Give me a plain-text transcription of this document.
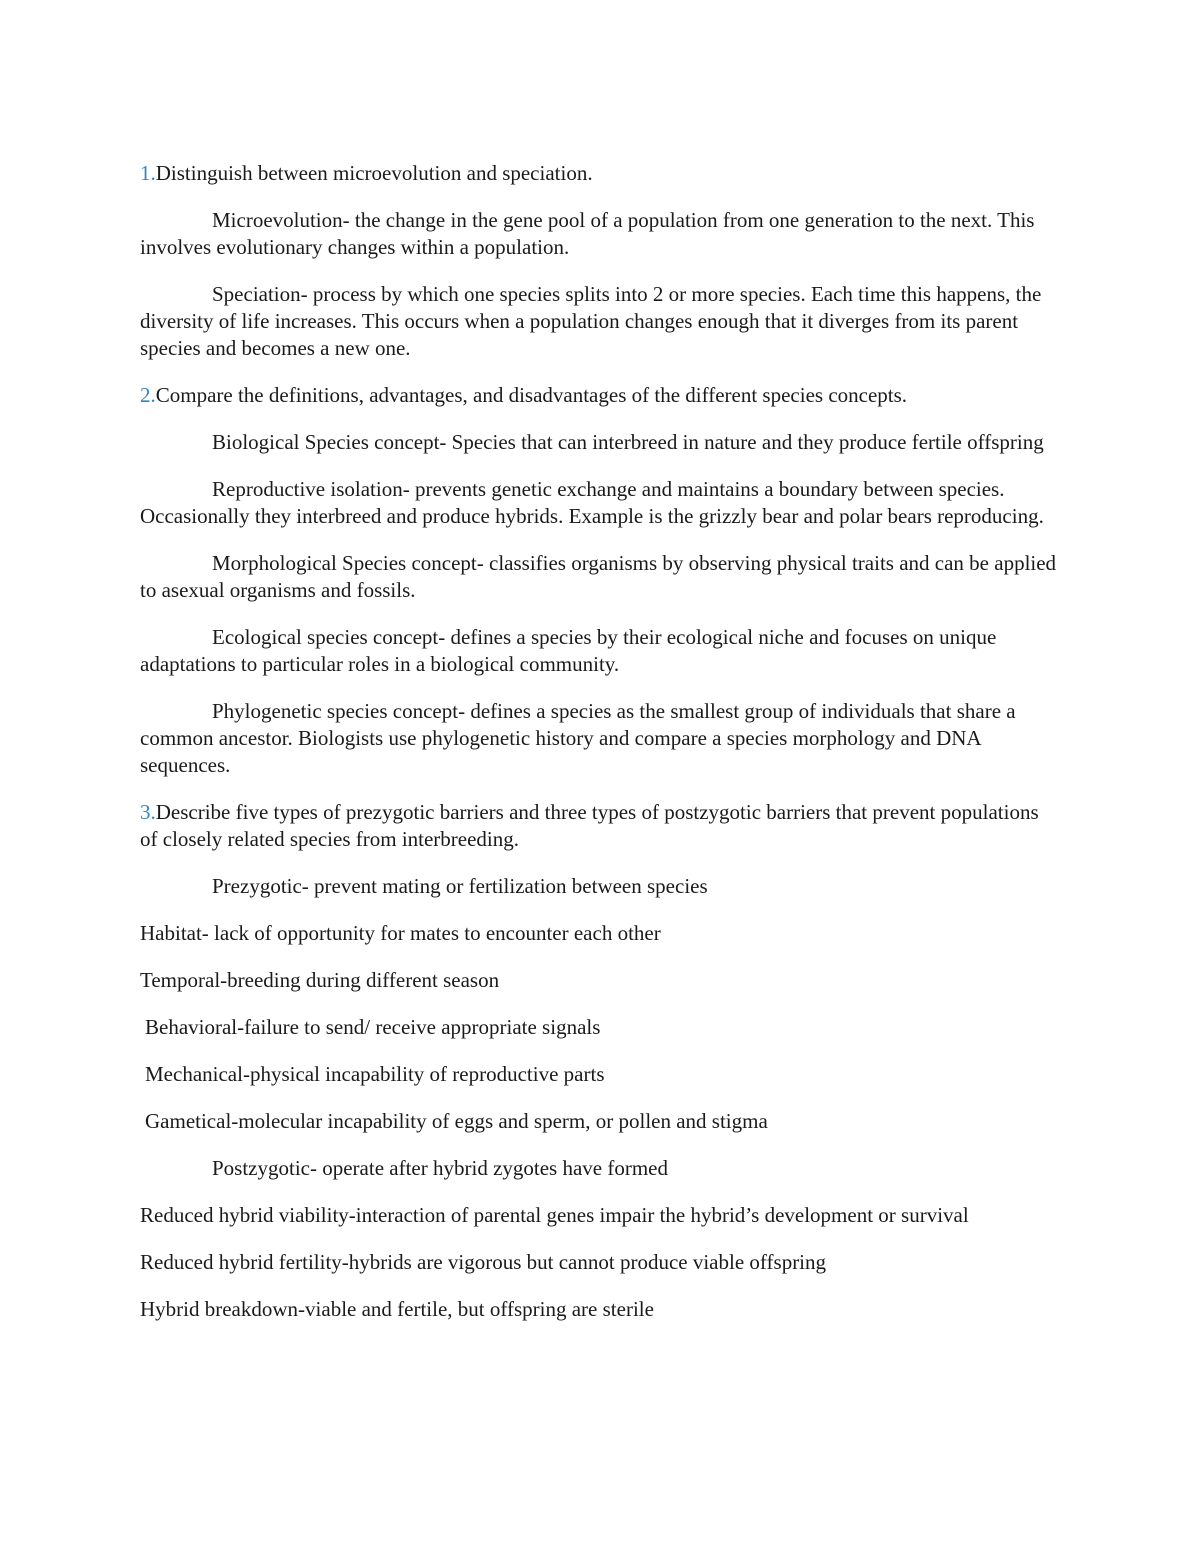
1.Distinguish between microevolution and speciation.

Microevolution- the change in the gene pool of a population from one generation to the next. This involves evolutionary changes within a population.

Speciation- process by which one species splits into 2 or more species. Each time this happens, the diversity of life increases. This occurs when a population changes enough that it diverges from its parent species and becomes a new one.

2.Compare the definitions, advantages, and disadvantages of the different species concepts.

Biological Species concept- Species that can interbreed in nature and they produce fertile offspring

Reproductive isolation- prevents genetic exchange and maintains a boundary between species. Occasionally they interbreed and produce hybrids. Example is the grizzly bear and polar bears reproducing.

Morphological Species concept- classifies organisms by observing physical traits and can be applied to asexual organisms and fossils.

Ecological species concept- defines a species by their ecological niche and focuses on unique adaptations to particular roles in a biological community.

Phylogenetic species concept- defines a species as the smallest group of individuals that share a common ancestor. Biologists use phylogenetic history and compare a species morphology and DNA sequences.

3.Describe five types of prezygotic barriers and three types of postzygotic barriers that prevent populations of closely related species from interbreeding.

Prezygotic- prevent mating or fertilization between species

Habitat- lack of opportunity for mates to encounter each other

Temporal-breeding during different season

Behavioral-failure to send/ receive appropriate signals

Mechanical-physical incapability of reproductive parts

Gametical-molecular incapability of eggs and sperm, or pollen and stigma

Postzygotic- operate after hybrid zygotes have formed

Reduced hybrid viability-interaction of parental genes impair the hybrid’s development or survival

Reduced hybrid fertility-hybrids are vigorous but cannot produce viable offspring

Hybrid breakdown-viable and fertile, but offspring are sterile
